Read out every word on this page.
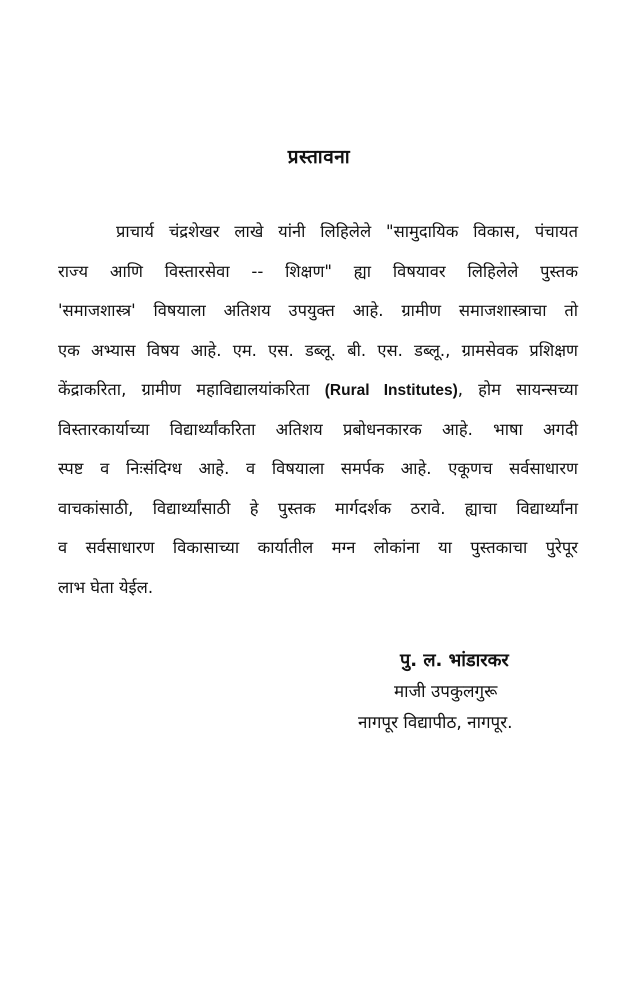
प्रस्तावना
प्राचार्य चंद्रशेखर लाखे यांनी लिहिलेले "सामुदायिक विकास, पंचायत
राज्य आणि विस्तारसेवा -- शिक्षण" ह्या विषयावर लिहिलेले पुस्तक
'समाजशास्त्र' विषयाला अतिशय उपयुक्त आहे. ग्रामीण समाजशास्त्राचा तो
एक अभ्यास विषय आहे. एम. एस. डब्लू. बी. एस. डब्लू., ग्रामसेवक प्रशिक्षण
केंद्राकरिता, ग्रामीण महाविद्यालयांकरिता (Rural Institutes), होम सायन्सच्या
विस्तारकार्याच्या विद्यार्थ्यांकरिता अतिशय प्रबोधनकारक आहे. भाषा अगदी
स्पष्ट व निःसंदिग्ध आहे. व विषयाला समर्पक आहे. एकूणच सर्वसाधारण
वाचकांसाठी, विद्यार्थ्यांसाठी हे पुस्तक मार्गदर्शक ठरावे. ह्याचा विद्यार्थ्यांना
व सर्वसाधारण विकासाच्या कार्यातील मग्न लोकांना या पुस्तकाचा पुरेपूर
लाभ घेता येईल.
पु. ल. भांडारकर
माजी उपकुलगुरू
नागपूर विद्यापीठ, नागपूर.
